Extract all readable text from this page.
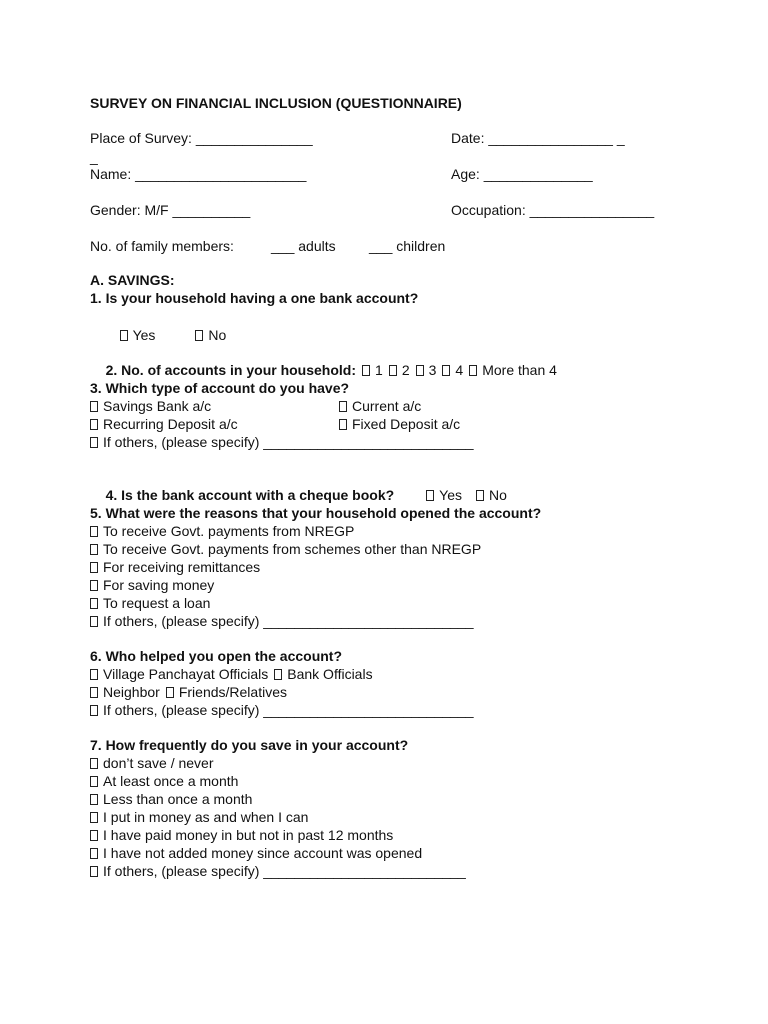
SURVEY ON FINANCIAL INCLUSION (QUESTIONNAIRE)
Place of Survey: _______________	Date: ________________ _
_
Name: ______________________	Age: ______________
Gender: M/F __________	Occupation: ________________
No. of family members:	___ adults ___ children
A. SAVINGS:
1. Is your household having a one bank account?

Yes	No

2. No. of accounts in your household: 1 2 3 4 More than 4

3. Which type of account do you have?
Savings Bank a/c	Current a/c
Recurring Deposit a/c	Fixed Deposit a/c
If others, (please specify) ___________________________

4. Is the bank account with a cheque book?	Yes No

5. What were the reasons that your household opened the account?
To receive Govt. payments from NREGP
To receive Govt. payments from schemes other than NREGP
For receiving remittances
For saving money
To request a loan
If others, (please specify) ___________________________
6. Who helped you open the account?
Village Panchayat Officials Bank Officials
Neighbor Friends/Relatives
If others, (please specify) ___________________________
7. How frequently do you save in your account?
don’t save / never
At least once a month
Less than once a month
I put in money as and when I can
I have paid money in but not in past 12 months
I have not added money since account was opened
If others, (please specify) __________________________
